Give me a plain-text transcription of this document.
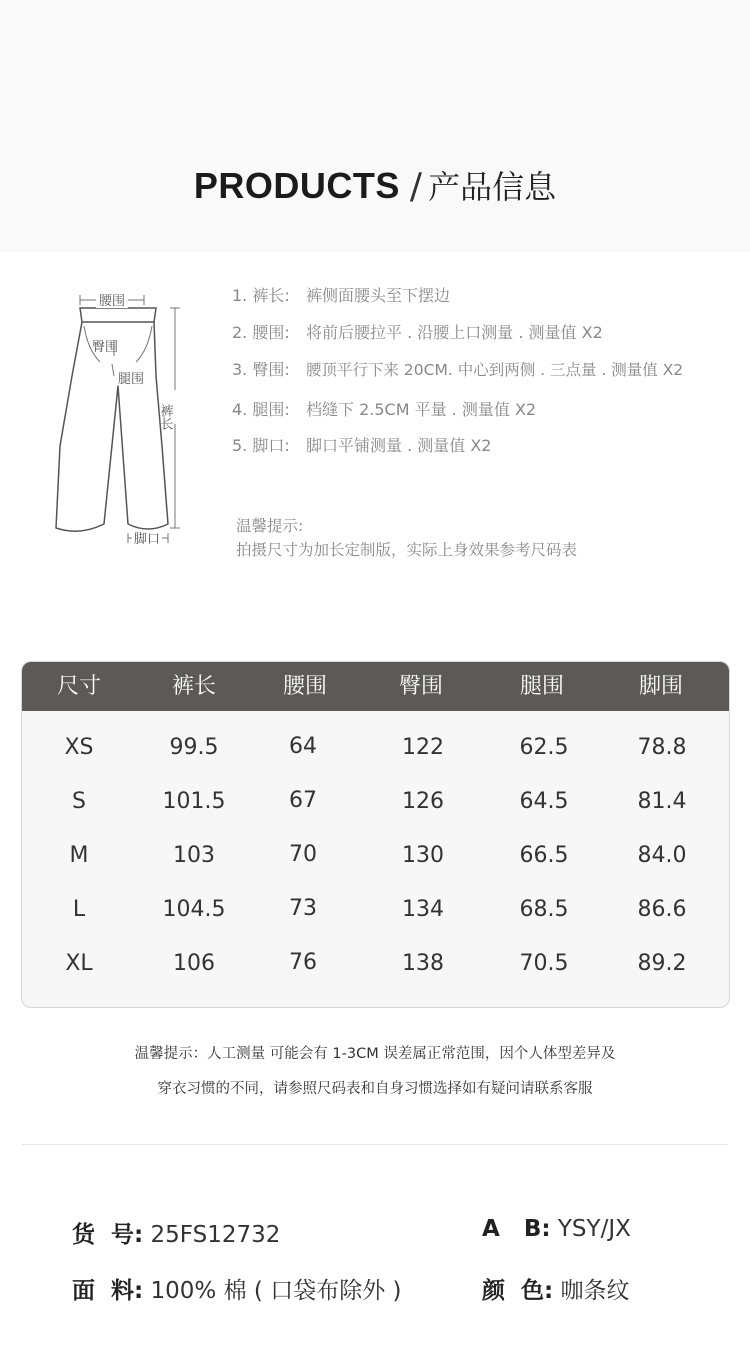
PRODUCTS / 产品信息
腰围
臀围
腿围
裤长
脚口
1. 裤长: 裤侧面腰头至下摆边
2. 腰围: 将前后腰拉平 . 沿腰上口测量 . 测量值 X2
3. 臀围: 腰顶平行下来 20CM. 中心到两侧 . 三点量 . 测量值 X2
4. 腿围: 档缝下 2.5CM 平量 . 测量值 X2
5. 脚口: 脚口平铺测量 . 测量值 X2
温馨提示:
拍摄尺寸为加长定制版，实际上身效果参考尺码表
尺寸	裤长	腰围	臀围	腿围	脚围
XS	99.5	64	122	62.5	78.8
S	101.5	67	126	64.5	81.4
M	103	70	130	66.5	84.0
L	104.5	73	134	68.5	86.6
XL	106	76	138	70.5	89.2
温馨提示：人工测量 可能会有 1-3CM 误差属正常范围，因个人体型差异及
穿衣习惯的不同，请参照尺码表和自身习惯选择如有疑问请联系客服
货  号: 25FS12732	A   B: YSY/JX
面  料: 100% 棉 ( 口袋布除外 )	颜  色: 咖条纹
